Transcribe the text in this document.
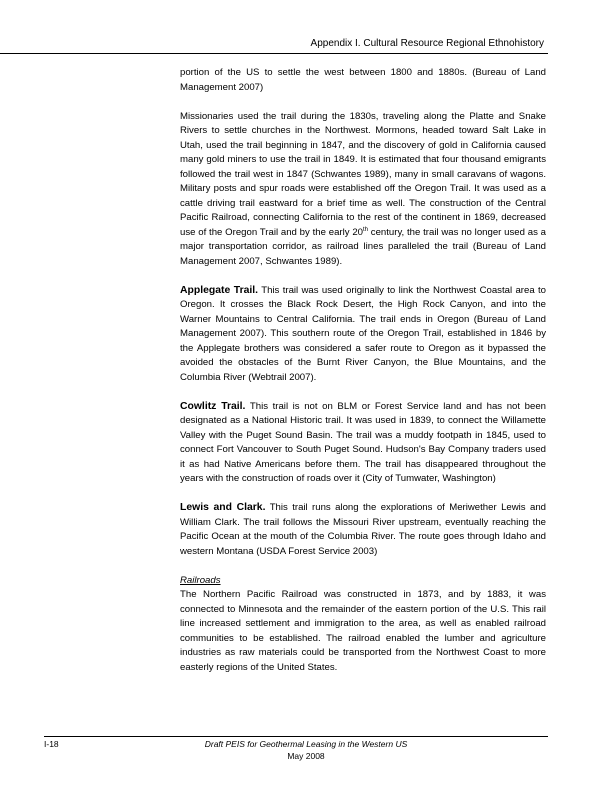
Appendix I. Cultural Resource Regional Ethnohistory

portion of the US to settle the west between 1800 and 1880s. (Bureau of Land Management 2007)

Missionaries used the trail during the 1830s, traveling along the Platte and Snake Rivers to settle churches in the Northwest. Mormons, headed toward Salt Lake in Utah, used the trail beginning in 1847, and the discovery of gold in California caused many gold miners to use the trail in 1849. It is estimated that four thousand emigrants followed the trail west in 1847 (Schwantes 1989), many in small caravans of wagons. Military posts and spur roads were established off the Oregon Trail. It was used as a cattle driving trail eastward for a brief time as well. The construction of the Central Pacific Railroad, connecting California to the rest of the continent in 1869, decreased use of the Oregon Trail and by the early 20th century, the trail was no longer used as a major transportation corridor, as railroad lines paralleled the trail (Bureau of Land Management 2007, Schwantes 1989).

Applegate Trail. This trail was used originally to link the Northwest Coastal area to Oregon. It crosses the Black Rock Desert, the High Rock Canyon, and into the Warner Mountains to Central California. The trail ends in Oregon (Bureau of Land Management 2007). This southern route of the Oregon Trail, established in 1846 by the Applegate brothers was considered a safer route to Oregon as it bypassed the avoided the obstacles of the Burnt River Canyon, the Blue Mountains, and the Columbia River (Webtrail 2007).

Cowlitz Trail. This trail is not on BLM or Forest Service land and has not been designated as a National Historic trail. It was used in 1839, to connect the Willamette Valley with the Puget Sound Basin. The trail was a muddy footpath in 1845, used to connect Fort Vancouver to South Puget Sound. Hudson's Bay Company traders used it as had Native Americans before them. The trail has disappeared throughout the years with the construction of roads over it (City of Tumwater, Washington)

Lewis and Clark. This trail runs along the explorations of Meriwether Lewis and William Clark. The trail follows the Missouri River upstream, eventually reaching the Pacific Ocean at the mouth of the Columbia River. The route goes through Idaho and western Montana (USDA Forest Service 2003)

Railroads

The Northern Pacific Railroad was constructed in 1873, and by 1883, it was connected to Minnesota and the remainder of the eastern portion of the U.S. This rail line increased settlement and immigration to the area, as well as enabled railroad communities to be established. The railroad enabled the lumber and agriculture industries as raw materials could be transported from the Northwest Coast to more easterly regions of the United States.

I-18	Draft PEIS for Geothermal Leasing in the Western US
May 2008
